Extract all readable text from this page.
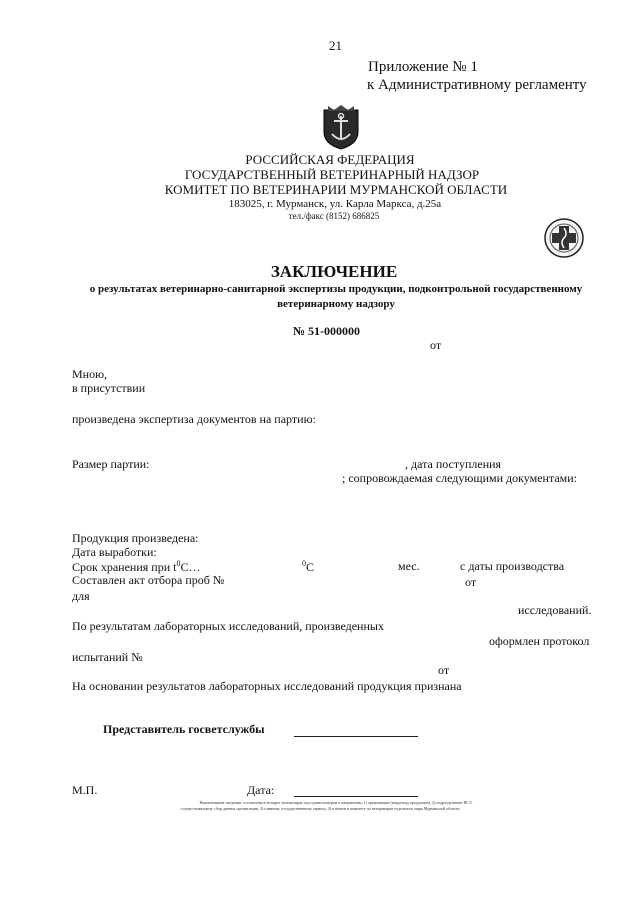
21
Приложение № 1
к Административному регламенту
РОССИЙСКАЯ ФЕДЕРАЦИЯ
ГОСУДАРСТВЕННЫЙ ВЕТЕРИНАРНЫЙ НАДЗОР
КОМИТЕТ ПО ВЕТЕРИНАРИИ МУРМАНСКОЙ ОБЛАСТИ
183025, г. Мурманск, ул. Карла Маркса, д.25а
тел./факс (8152) 686825
ЗАКЛЮЧЕНИЕ
о результатах ветеринарно-санитарной экспертизы продукции, подконтрольной государственному
ветеринарному надзору
№ 51-000000
от
Мною,
в присутствии
произведена экспертиза документов на партию:
Размер партии:	, дата поступления
; сопровождаемая следующими документами:
Продукция произведена:
Дата выработки:
Срок хранения при $t^0С\dots$	$^0$С	мес.	с даты производства
Составлен акт отбора проб №	от
для
исследований.
По результатам лабораторных исследований, произведенных
оформлен протокол
испытаний №
от
На основании результатов лабораторных исследований продукция признана
Представитель госветслужбы
М.П.	Дата:
Наименование сведения: составлены в четырех экземплярах под одним номером и направлены: 1) организации (владельцу продукции), 2) подразделению ВСЭ,
осуществляющему сбор данных организации, 3) главному государственному сервису, 4) в нашем в комитете по ветеринарии отдельного мира Мурманской области
